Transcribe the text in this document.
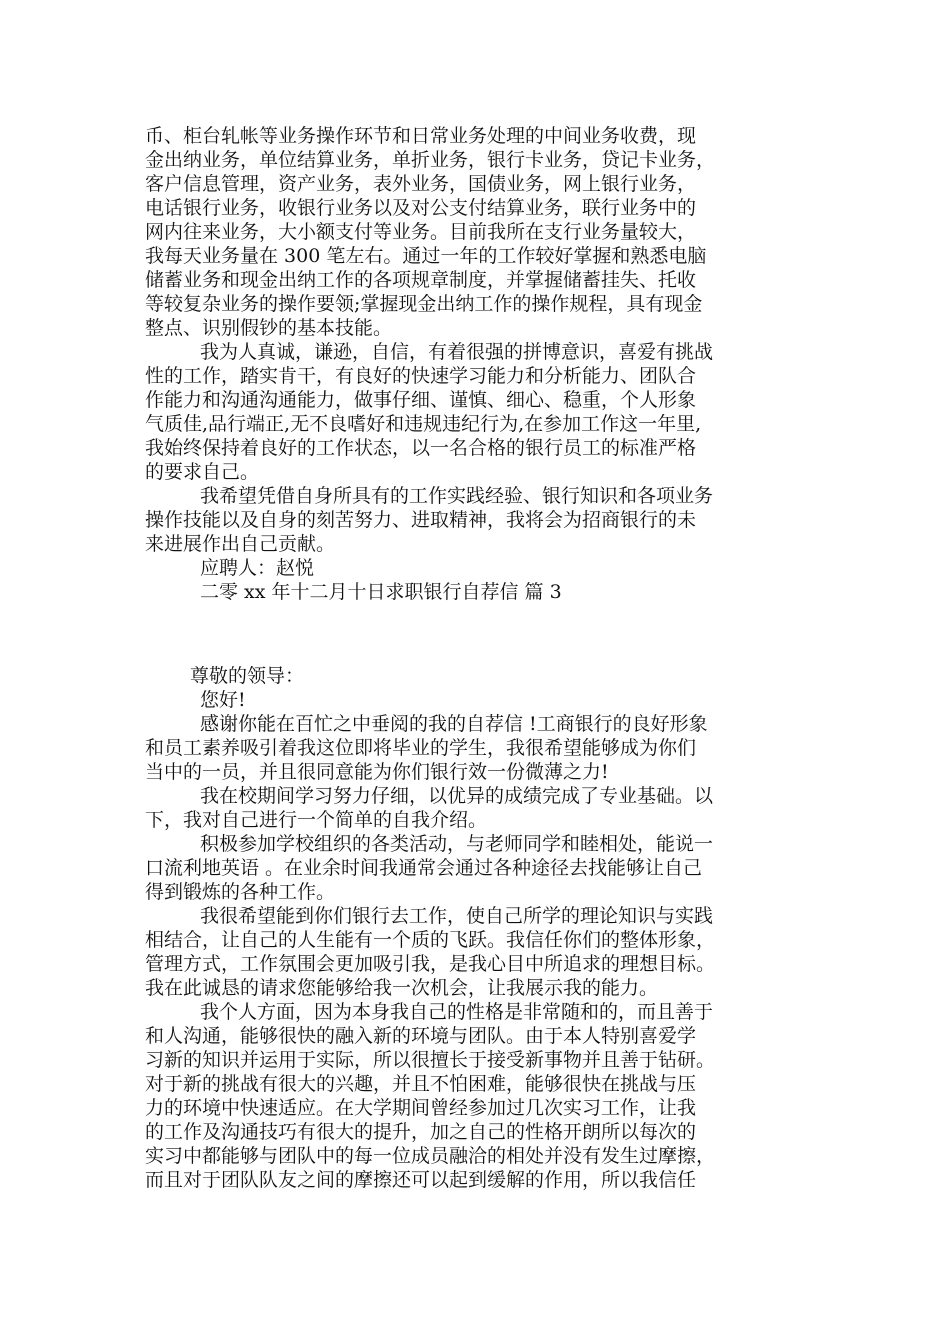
币、柜台轧帐等业务操作环节和日常业务处理的中间业务收费，现
金出纳业务，单位结算业务，单折业务，银行卡业务，贷记卡业务，
客户信息管理，资产业务，表外业务，国债业务，网上银行业务，
电话银行业务，收银行业务以及对公支付结算业务，联行业务中的
网内往来业务，大小额支付等业务。目前我所在支行业务量较大，
我每天业务量在 300 笔左右。通过一年的工作较好掌握和熟悉电脑
储蓄业务和现金出纳工作的各项规章制度，并掌握储蓄挂失、托收
等较复杂业务的操作要领;掌握现金出纳工作的操作规程，具有现金
整点、识别假钞的基本技能。
我为人真诚，谦逊，自信，有着很强的拼博意识，喜爱有挑战
性的工作，踏实肯干，有良好的快速学习能力和分析能力、团队合
作能力和沟通沟通能力，做事仔细、谨慎、细心、稳重，个人形象
气质佳,品行端正,无不良嗜好和违规违纪行为,在参加工作这一年里,
我始终保持着良好的工作状态，以一名合格的银行员工的标准严格
的要求自己。
我希望凭借自身所具有的工作实践经验、银行知识和各项业务
操作技能以及自身的刻苦努力、进取精神，我将会为招商银行的未
来进展作出自己贡献。
应聘人：赵悦
二零 xx 年十二月十日求职银行自荐信 篇 3
尊敬的领导：
您好!
感谢你能在百忙之中垂阅的我的自荐信 !工商银行的良好形象
和员工素养吸引着我这位即将毕业的学生，我很希望能够成为你们
当中的一员，并且很同意能为你们银行效一份微薄之力!
我在校期间学习努力仔细，以优异的成绩完成了专业基础。以
下，我对自己进行一个简单的自我介绍。
积极参加学校组织的各类活动，与老师同学和睦相处，能说一
口流利地英语 。在业余时间我通常会通过各种途径去找能够让自己
得到锻炼的各种工作。
我很希望能到你们银行去工作，使自己所学的理论知识与实践
相结合，让自己的人生能有一个质的飞跃。我信任你们的整体形象，
管理方式，工作氛围会更加吸引我，是我心目中所追求的理想目标。
我在此诚恳的请求您能够给我一次机会，让我展示我的能力。
我个人方面，因为本身我自己的性格是非常随和的，而且善于
和人沟通，能够很快的融入新的环境与团队。由于本人特别喜爱学
习新的知识并运用于实际，所以很擅长于接受新事物并且善于钻研。
对于新的挑战有很大的兴趣，并且不怕困难，能够很快在挑战与压
力的环境中快速适应。在大学期间曾经参加过几次实习工作，让我
的工作及沟通技巧有很大的提升，加之自己的性格开朗所以每次的
实习中都能够与团队中的每一位成员融洽的相处并没有发生过摩擦，
而且对于团队队友之间的摩擦还可以起到缓解的作用，所以我信任
